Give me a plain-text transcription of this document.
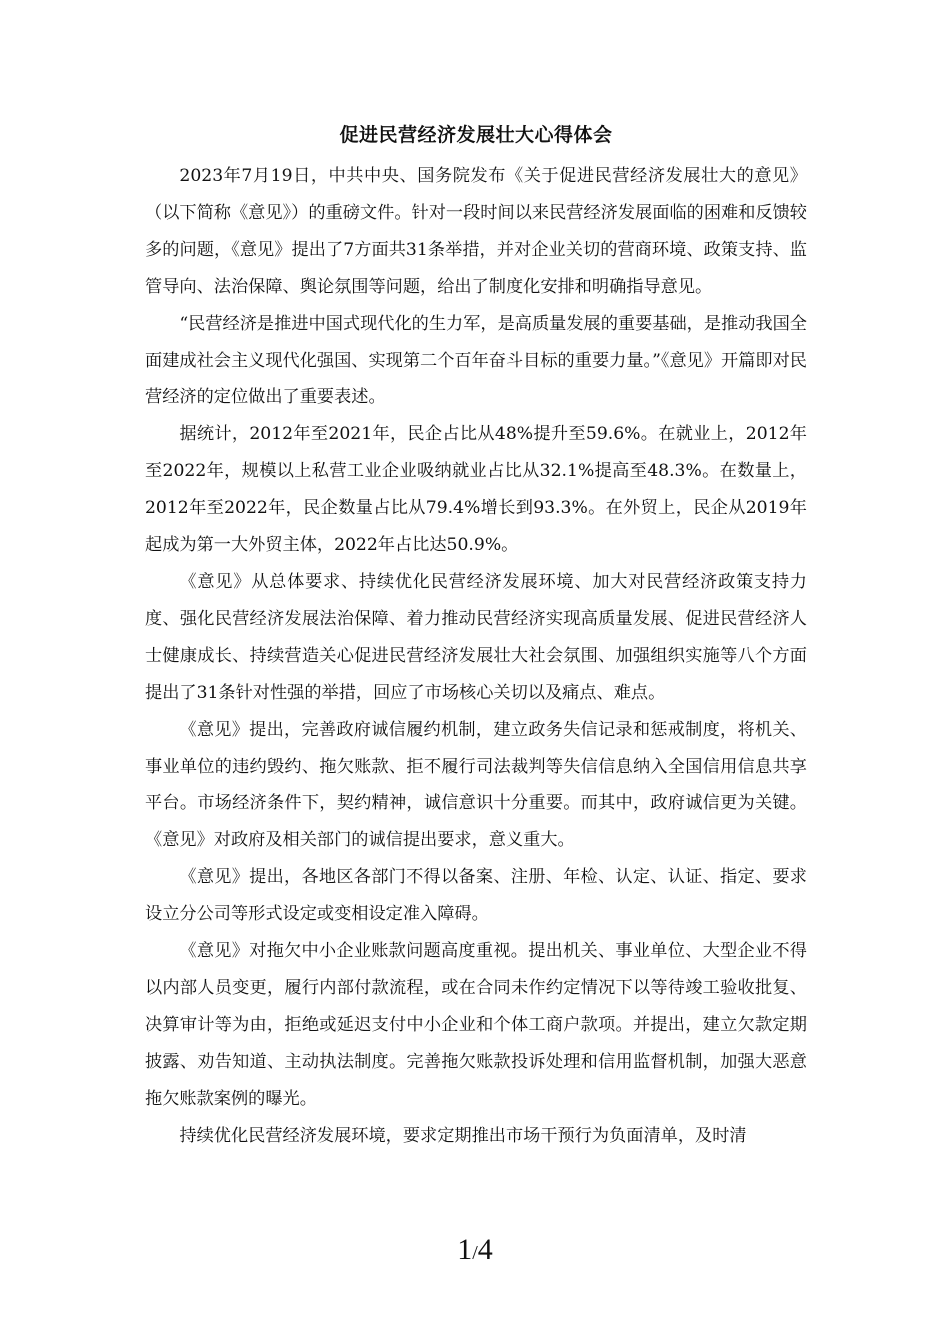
促进民营经济发展壮大心得体会

2023年7月19日，中共中央、国务院发布《关于促进民营经济发展壮大的意见》（以下简称《意见》）的重磅文件。针对一段时间以来民营经济发展面临的困难和反馈较多的问题，《意见》提出了7方面共31条举措，并对企业关切的营商环境、政策支持、监管导向、法治保障、舆论氛围等问题，给出了制度化安排和明确指导意见。

“民营经济是推进中国式现代化的生力军，是高质量发展的重要基础，是推动我国全面建成社会主义现代化强国、实现第二个百年奋斗目标的重要力量。”《意见》开篇即对民营经济的定位做出了重要表述。

据统计，2012年至2021年，民企占比从48%提升至59.6%。在就业上，2012年至2022年，规模以上私营工业企业吸纳就业占比从32.1%提高至48.3%。在数量上，2012年至2022年，民企数量占比从79.4%增长到93.3%。在外贸上，民企从2019年起成为第一大外贸主体，2022年占比达50.9%。

《意见》从总体要求、持续优化民营经济发展环境、加大对民营经济政策支持力度、强化民营经济发展法治保障、着力推动民营经济实现高质量发展、促进民营经济人士健康成长、持续营造关心促进民营经济发展壮大社会氛围、加强组织实施等八个方面提出了31条针对性强的举措，回应了市场核心关切以及痛点、难点。

《意见》提出，完善政府诚信履约机制，建立政务失信记录和惩戒制度，将机关、事业单位的违约毁约、拖欠账款、拒不履行司法裁判等失信信息纳入全国信用信息共享平台。市场经济条件下，契约精神，诚信意识十分重要。而其中，政府诚信更为关键。《意见》对政府及相关部门的诚信提出要求，意义重大。

《意见》提出，各地区各部门不得以备案、注册、年检、认定、认证、指定、要求设立分公司等形式设定或变相设定准入障碍。

《意见》对拖欠中小企业账款问题高度重视。提出机关、事业单位、大型企业不得以内部人员变更，履行内部付款流程，或在合同未作约定情况下以等待竣工验收批复、决算审计等为由，拒绝或延迟支付中小企业和个体工商户款项。并提出，建立欠款定期披露、劝告知道、主动执法制度。完善拖欠账款投诉处理和信用监督机制，加强大恶意拖欠账款案例的曝光。

持续优化民营经济发展环境，要求定期推出市场干预行为负面清单，及时清

1/4
